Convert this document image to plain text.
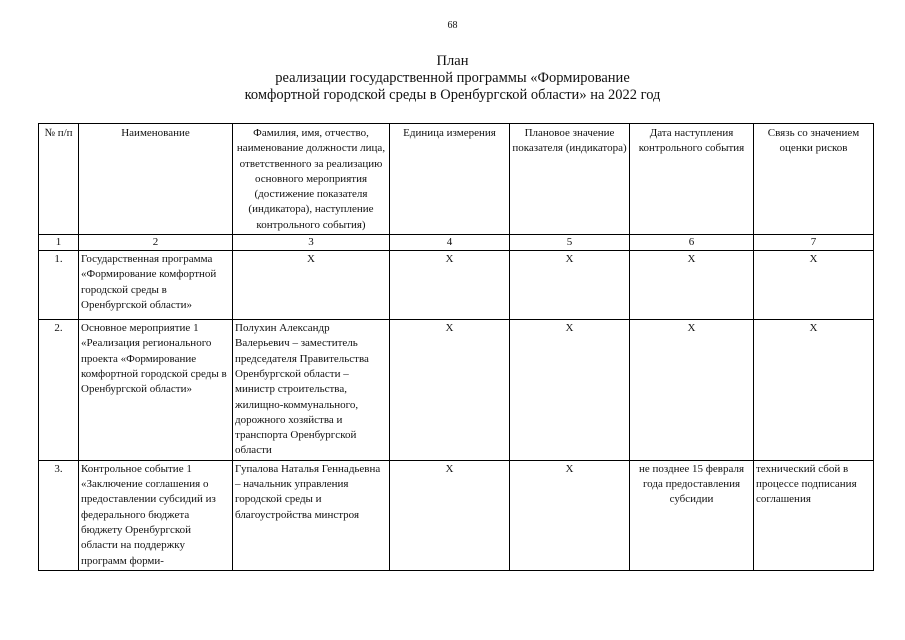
68
План
реализации государственной программы «Формирование
комфортной городской среды в Оренбургской области» на 2022 год
№ п/п	Наименование	Фамилия, имя, отчество, наименование должности лица, ответственного за реализацию основного мероприятия (достижение показателя (индикатора), наступление контрольного события)	Единица измерения	Плановое значение показателя (индикатора)	Дата наступления контрольного события	Связь со значением оценки рисков
1	2	3	4	5	6	7
1.	Государственная программа «Формирование комфортной городской среды в Оренбургской области»	Х	Х	Х	Х	Х
2.	Основное мероприятие 1 «Реализация регионального проекта «Формирование комфортной городской среды в Оренбургской области»	Полухин Александр Валерьевич – заместитель председателя Правительства Оренбургской области – министр строительства, жилищно-коммунального, дорожного хозяйства и транспорта Оренбургской области	Х	Х	Х	Х
3.	Контрольное событие 1 «Заключение соглашения о предоставлении субсидий из федерального бюджета бюджету Оренбургской области на поддержку программ форми-	Гупалова Наталья Геннадьевна – начальник управления городской среды и благоустройства минстроя	Х	Х	не позднее 15 февраля года предоставления субсидии	технический сбой в процессе подписания соглашения
